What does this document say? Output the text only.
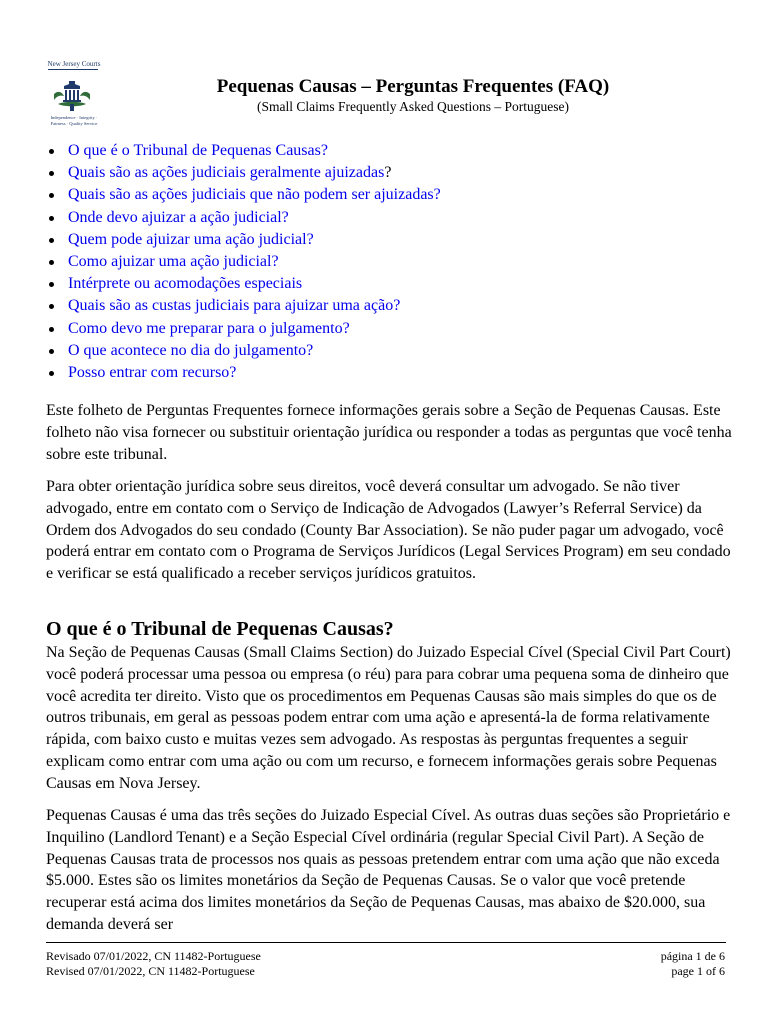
New Jersey Courts
Independence · Integrity · Fairness · Quality Service
Pequenas Causas – Perguntas Frequentes (FAQ)
(Small Claims Frequently Asked Questions – Portuguese)
O que é o Tribunal de Pequenas Causas?
Quais são as ações judiciais geralmente ajuizadas?
Quais são as ações judiciais que não podem ser ajuizadas?
Onde devo ajuizar a ação judicial?
Quem pode ajuizar uma ação judicial?
Como ajuizar uma ação judicial?
Intérprete ou acomodações especiais
Quais são as custas judiciais para ajuizar uma ação?
Como devo me preparar para o julgamento?
O que acontece no dia do julgamento?
Posso entrar com recurso?

Este folheto de Perguntas Frequentes fornece informações gerais sobre a Seção de Pequenas Causas. Este folheto não visa fornecer ou substituir orientação jurídica ou responder a todas as perguntas que você tenha sobre este tribunal.

Para obter orientação jurídica sobre seus direitos, você deverá consultar um advogado. Se não tiver advogado, entre em contato com o Serviço de Indicação de Advogados (Lawyer’s Referral Service) da Ordem dos Advogados do seu condado (County Bar Association). Se não puder pagar um advogado, você poderá entrar em contato com o Programa de Serviços Jurídicos (Legal Services Program) em seu condado e verificar se está qualificado a receber serviços jurídicos gratuitos.

O que é o Tribunal de Pequenas Causas?

Na Seção de Pequenas Causas (Small Claims Section) do Juizado Especial Cível (Special Civil Part Court) você poderá processar uma pessoa ou empresa (o réu) para para cobrar uma pequena soma de dinheiro que você acredita ter direito. Visto que os procedimentos em Pequenas Causas são mais simples do que os de outros tribunais, em geral as pessoas podem entrar com uma ação e apresentá-la de forma relativamente rápida, com baixo custo e muitas vezes sem advogado. As respostas às perguntas frequentes a seguir explicam como entrar com uma ação ou com um recurso, e fornecem informações gerais sobre Pequenas Causas em Nova Jersey.

Pequenas Causas é uma das três seções do Juizado Especial Cível. As outras duas seções são Proprietário e Inquilino (Landlord Tenant) e a Seção Especial Cível ordinária (regular Special Civil Part). A Seção de Pequenas Causas trata de processos nos quais as pessoas pretendem entrar com uma ação que não exceda $5.000. Estes são os limites monetários da Seção de Pequenas Causas. Se o valor que você pretende recuperar está acima dos limites monetários da Seção de Pequenas Causas, mas abaixo de $20.000, sua demanda deverá ser

Revisado 07/01/2022, CN 11482-Portuguese
Revised 07/01/2022, CN 11482-Portuguese
página 1 de 6
page 1 of 6
